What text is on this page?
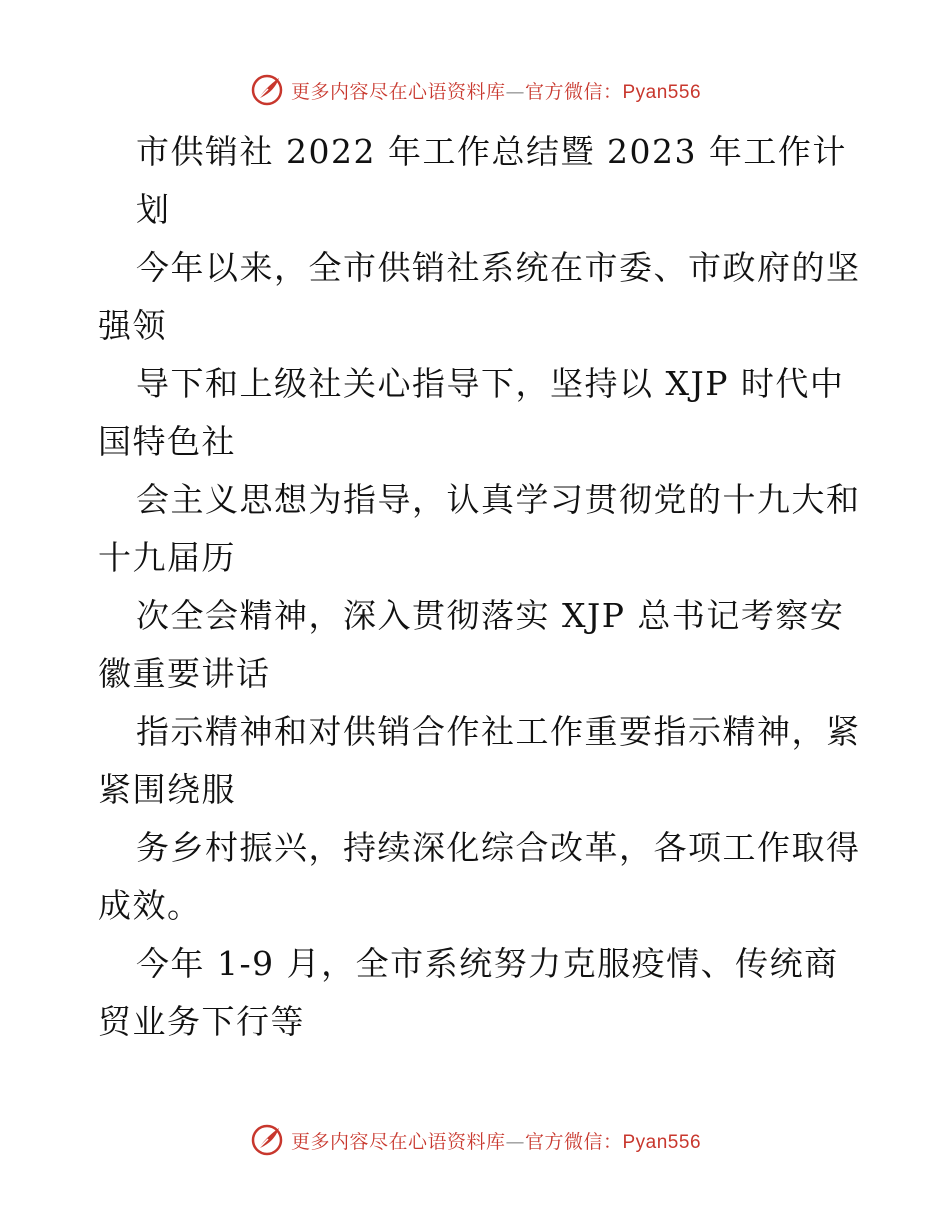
更多内容尽在心语资料库—官方微信：Pyan556
市供销社 2022 年工作总结暨 2023 年工作计
划
今年以来，全市供销社系统在市委、市政府的坚
强领
导下和上级社关心指导下，坚持以 XJP 时代中
国特色社
会主义思想为指导，认真学习贯彻党的十九大和
十九届历
次全会精神，深入贯彻落实 XJP 总书记考察安
徽重要讲话
指示精神和对供销合作社工作重要指示精神，紧
紧围绕服
务乡村振兴，持续深化综合改革，各项工作取得
成效。
今年 1-9 月，全市系统努力克服疫情、传统商
贸业务下行等
更多内容尽在心语资料库—官方微信：Pyan556
